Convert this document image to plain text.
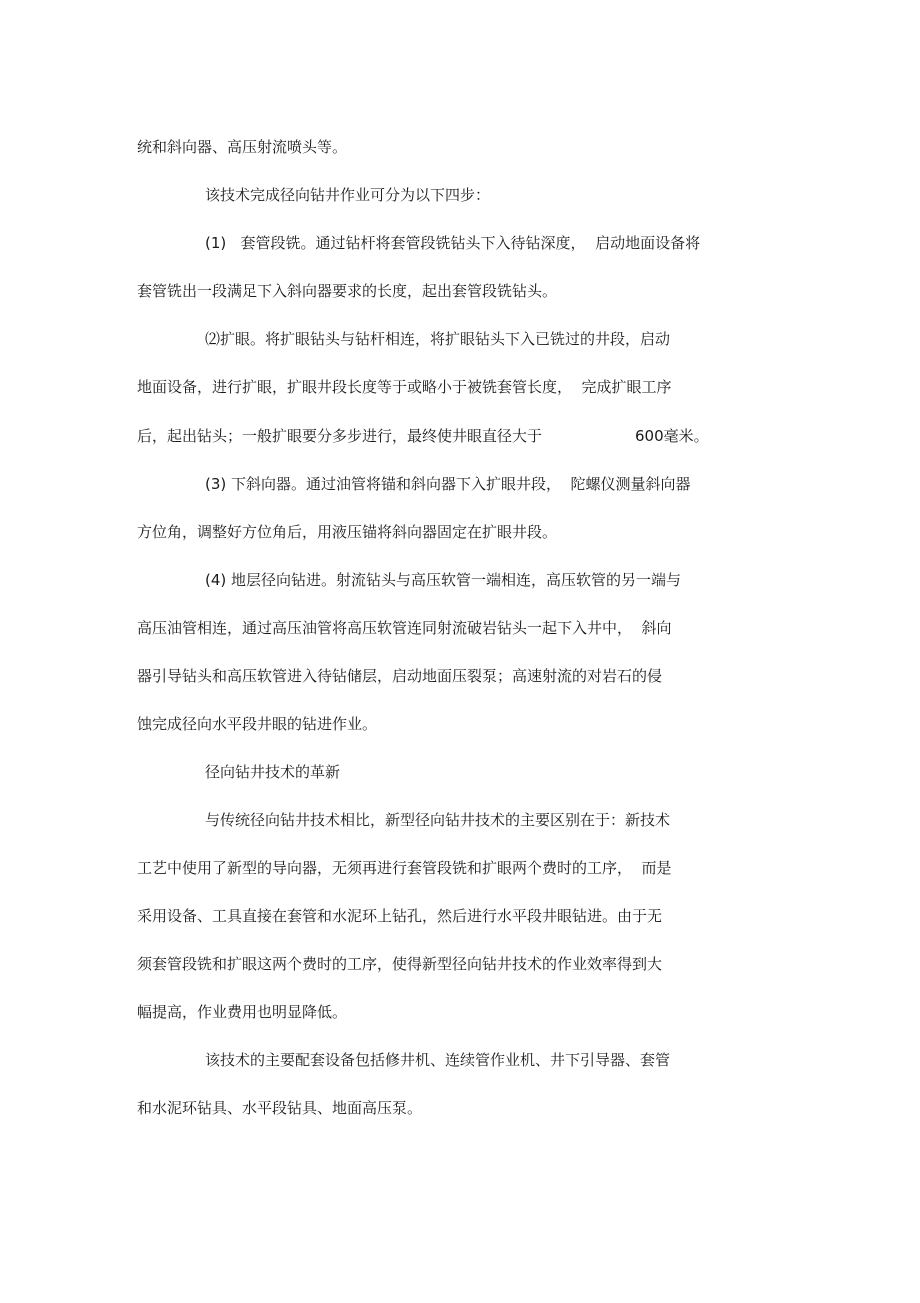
统和斜向器、高压射流喷头等。
该技术完成径向钻井作业可分为以下四步：
(1)   套管段铣。通过钻杆将套管段铣钻头下入待钻深度，  启动地面设备将
套管铣出一段满足下入斜向器要求的长度，起出套管段铣钻头。
⑵扩眼。将扩眼钻头与钻杆相连，将扩眼钻头下入已铣过的井段，启动
地面设备，进行扩眼，扩眼井段长度等于或略小于被铣套管长度，  完成扩眼工序
后，起出钻头；一般扩眼要分多步进行，最终使井眼直径大于	600毫米。
(3) 下斜向器。通过油管将锚和斜向器下入扩眼井段，  陀螺仪测量斜向器
方位角，调整好方位角后，用液压锚将斜向器固定在扩眼井段。
(4) 地层径向钻进。射流钻头与高压软管一端相连，高压软管的另一端与
高压油管相连，通过高压油管将高压软管连同射流破岩钻头一起下入井中，  斜向
器引导钻头和高压软管进入待钻储层，启动地面压裂泵；高速射流的对岩石的侵
蚀完成径向水平段井眼的钻进作业。
径向钻井技术的革新
与传统径向钻井技术相比，新型径向钻井技术的主要区别在于：新技术
工艺中使用了新型的导向器，无须再进行套管段铣和扩眼两个费时的工序，  而是
采用设备、工具直接在套管和水泥环上钻孔，然后进行水平段井眼钻进。由于无
须套管段铣和扩眼这两个费时的工序，使得新型径向钻井技术的作业效率得到大
幅提高，作业费用也明显降低。
该技术的主要配套设备包括修井机、连续管作业机、井下引导器、套管
和水泥环钻具、水平段钻具、地面高压泵。
